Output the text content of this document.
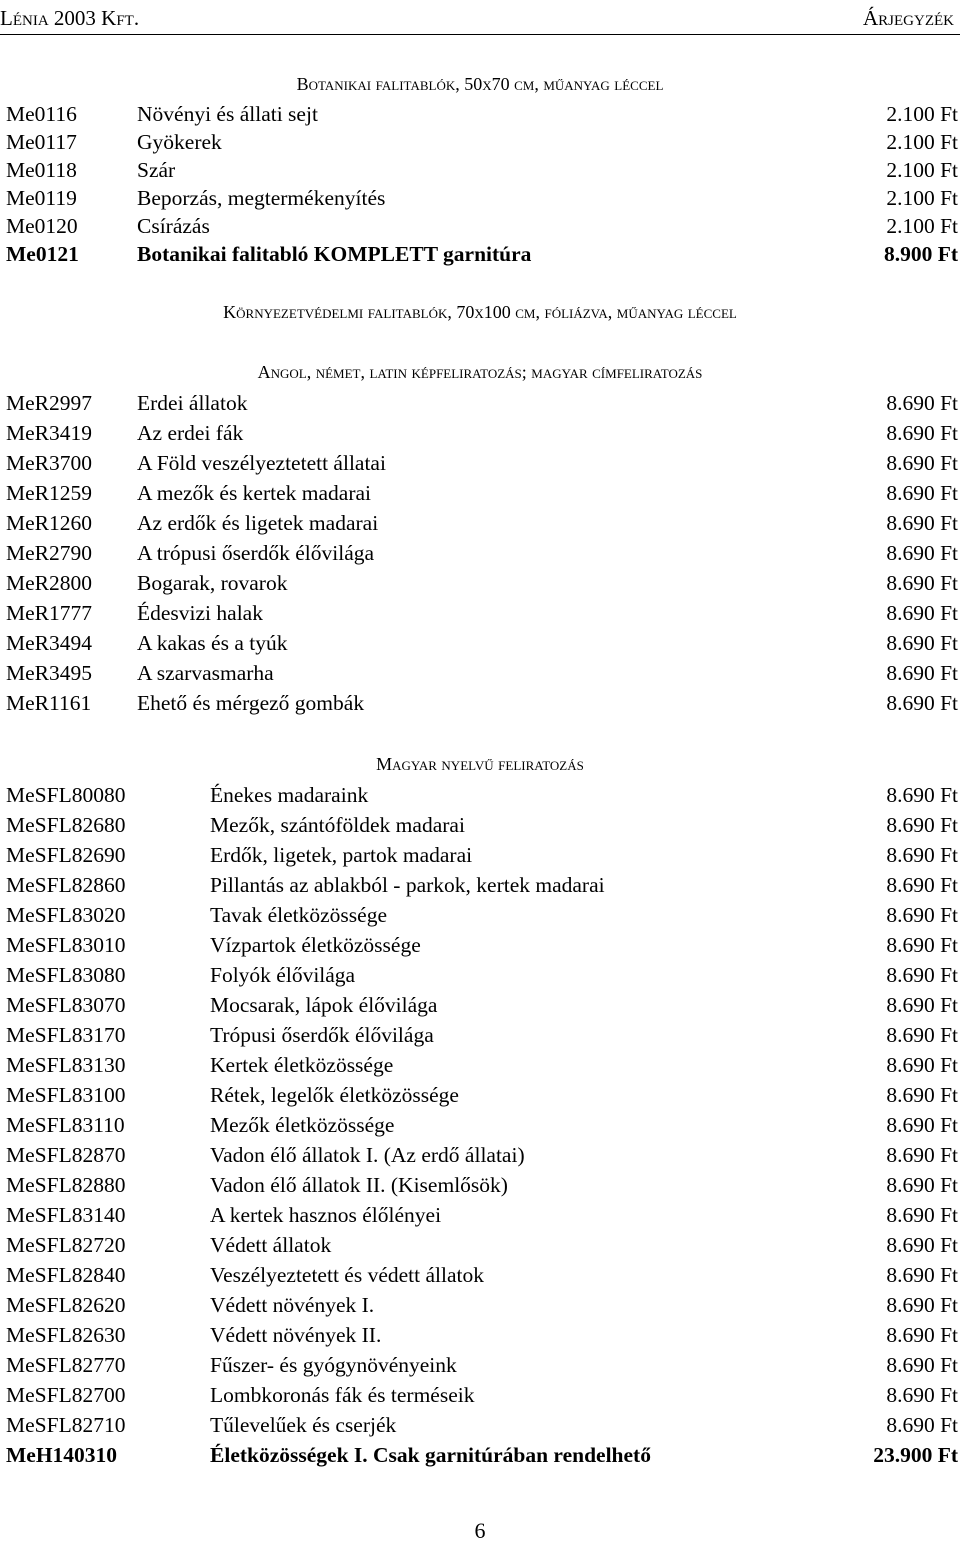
Lénia 2003 Kft.	Árjegyzék
Botanikai falitablók, 50x70 cm, műanyag léccel
Me0116	Növényi és állati sejt	2.100 Ft
Me0117	Gyökerek	2.100 Ft
Me0118	Szár	2.100 Ft
Me0119	Beporzás, megtermékenyítés	2.100 Ft
Me0120	Csírázás	2.100 Ft
Me0121	Botanikai falitabló KOMPLETT garnitúra	8.900 Ft
Környezetvédelmi falitablók, 70x100 cm, fóliázva, műanyag léccel
Angol, német, latin képfeliratozás; magyar címfeliratozás
MeR2997 Erdei állatok	8.690 Ft
MeR3419 Az erdei fák	8.690 Ft
MeR3700 A Föld veszélyeztetett állatai	8.690 Ft
MeR1259 A mezők és kertek madarai	8.690 Ft
MeR1260 Az erdők és ligetek madarai	8.690 Ft
MeR2790 A trópusi őserdők élővilága	8.690 Ft
MeR2800 Bogarak, rovarok	8.690 Ft
MeR1777 Édesvizi halak	8.690 Ft
MeR3494 A kakas és a tyúk	8.690 Ft
MeR3495 A szarvasmarha	8.690 Ft
MeR1161 Ehető és mérgező gombák	8.690 Ft
Magyar nyelvű feliratozás
MeSFL80080	Énekes madaraink	8.690 Ft
MeSFL82680	Mezők, szántóföldek madarai	8.690 Ft
MeSFL82690	Erdők, ligetek, partok madarai	8.690 Ft
MeSFL82860	Pillantás az ablakból - parkok, kertek madarai	8.690 Ft
MeSFL83020	Tavak életközössége	8.690 Ft
MeSFL83010	Vízpartok életközössége	8.690 Ft
MeSFL83080	Folyók élővilága	8.690 Ft
MeSFL83070	Mocsarak, lápok élővilága	8.690 Ft
MeSFL83170	Trópusi őserdők élővilága	8.690 Ft
MeSFL83130	Kertek életközössége	8.690 Ft
MeSFL83100	Rétek, legelők életközössége	8.690 Ft
MeSFL83110	Mezők életközössége	8.690 Ft
MeSFL82870	Vadon élő állatok I. (Az erdő állatai)	8.690 Ft
MeSFL82880	Vadon élő állatok II. (Kisemlősök)	8.690 Ft
MeSFL83140	A kertek hasznos élőlényei	8.690 Ft
MeSFL82720	Védett állatok	8.690 Ft
MeSFL82840	Veszélyeztetett és védett állatok	8.690 Ft
MeSFL82620	Védett növények I.	8.690 Ft
MeSFL82630	Védett növények II.	8.690 Ft
MeSFL82770	Fűszer- és gyógynövényeink	8.690 Ft
MeSFL82700	Lombkoronás fák és terméseik	8.690 Ft
MeSFL82710	Tűlevelűek és cserjék	8.690 Ft
MeH140310	Életközösségek I. Csak garnitúrában rendelhető	23.900 Ft
6
